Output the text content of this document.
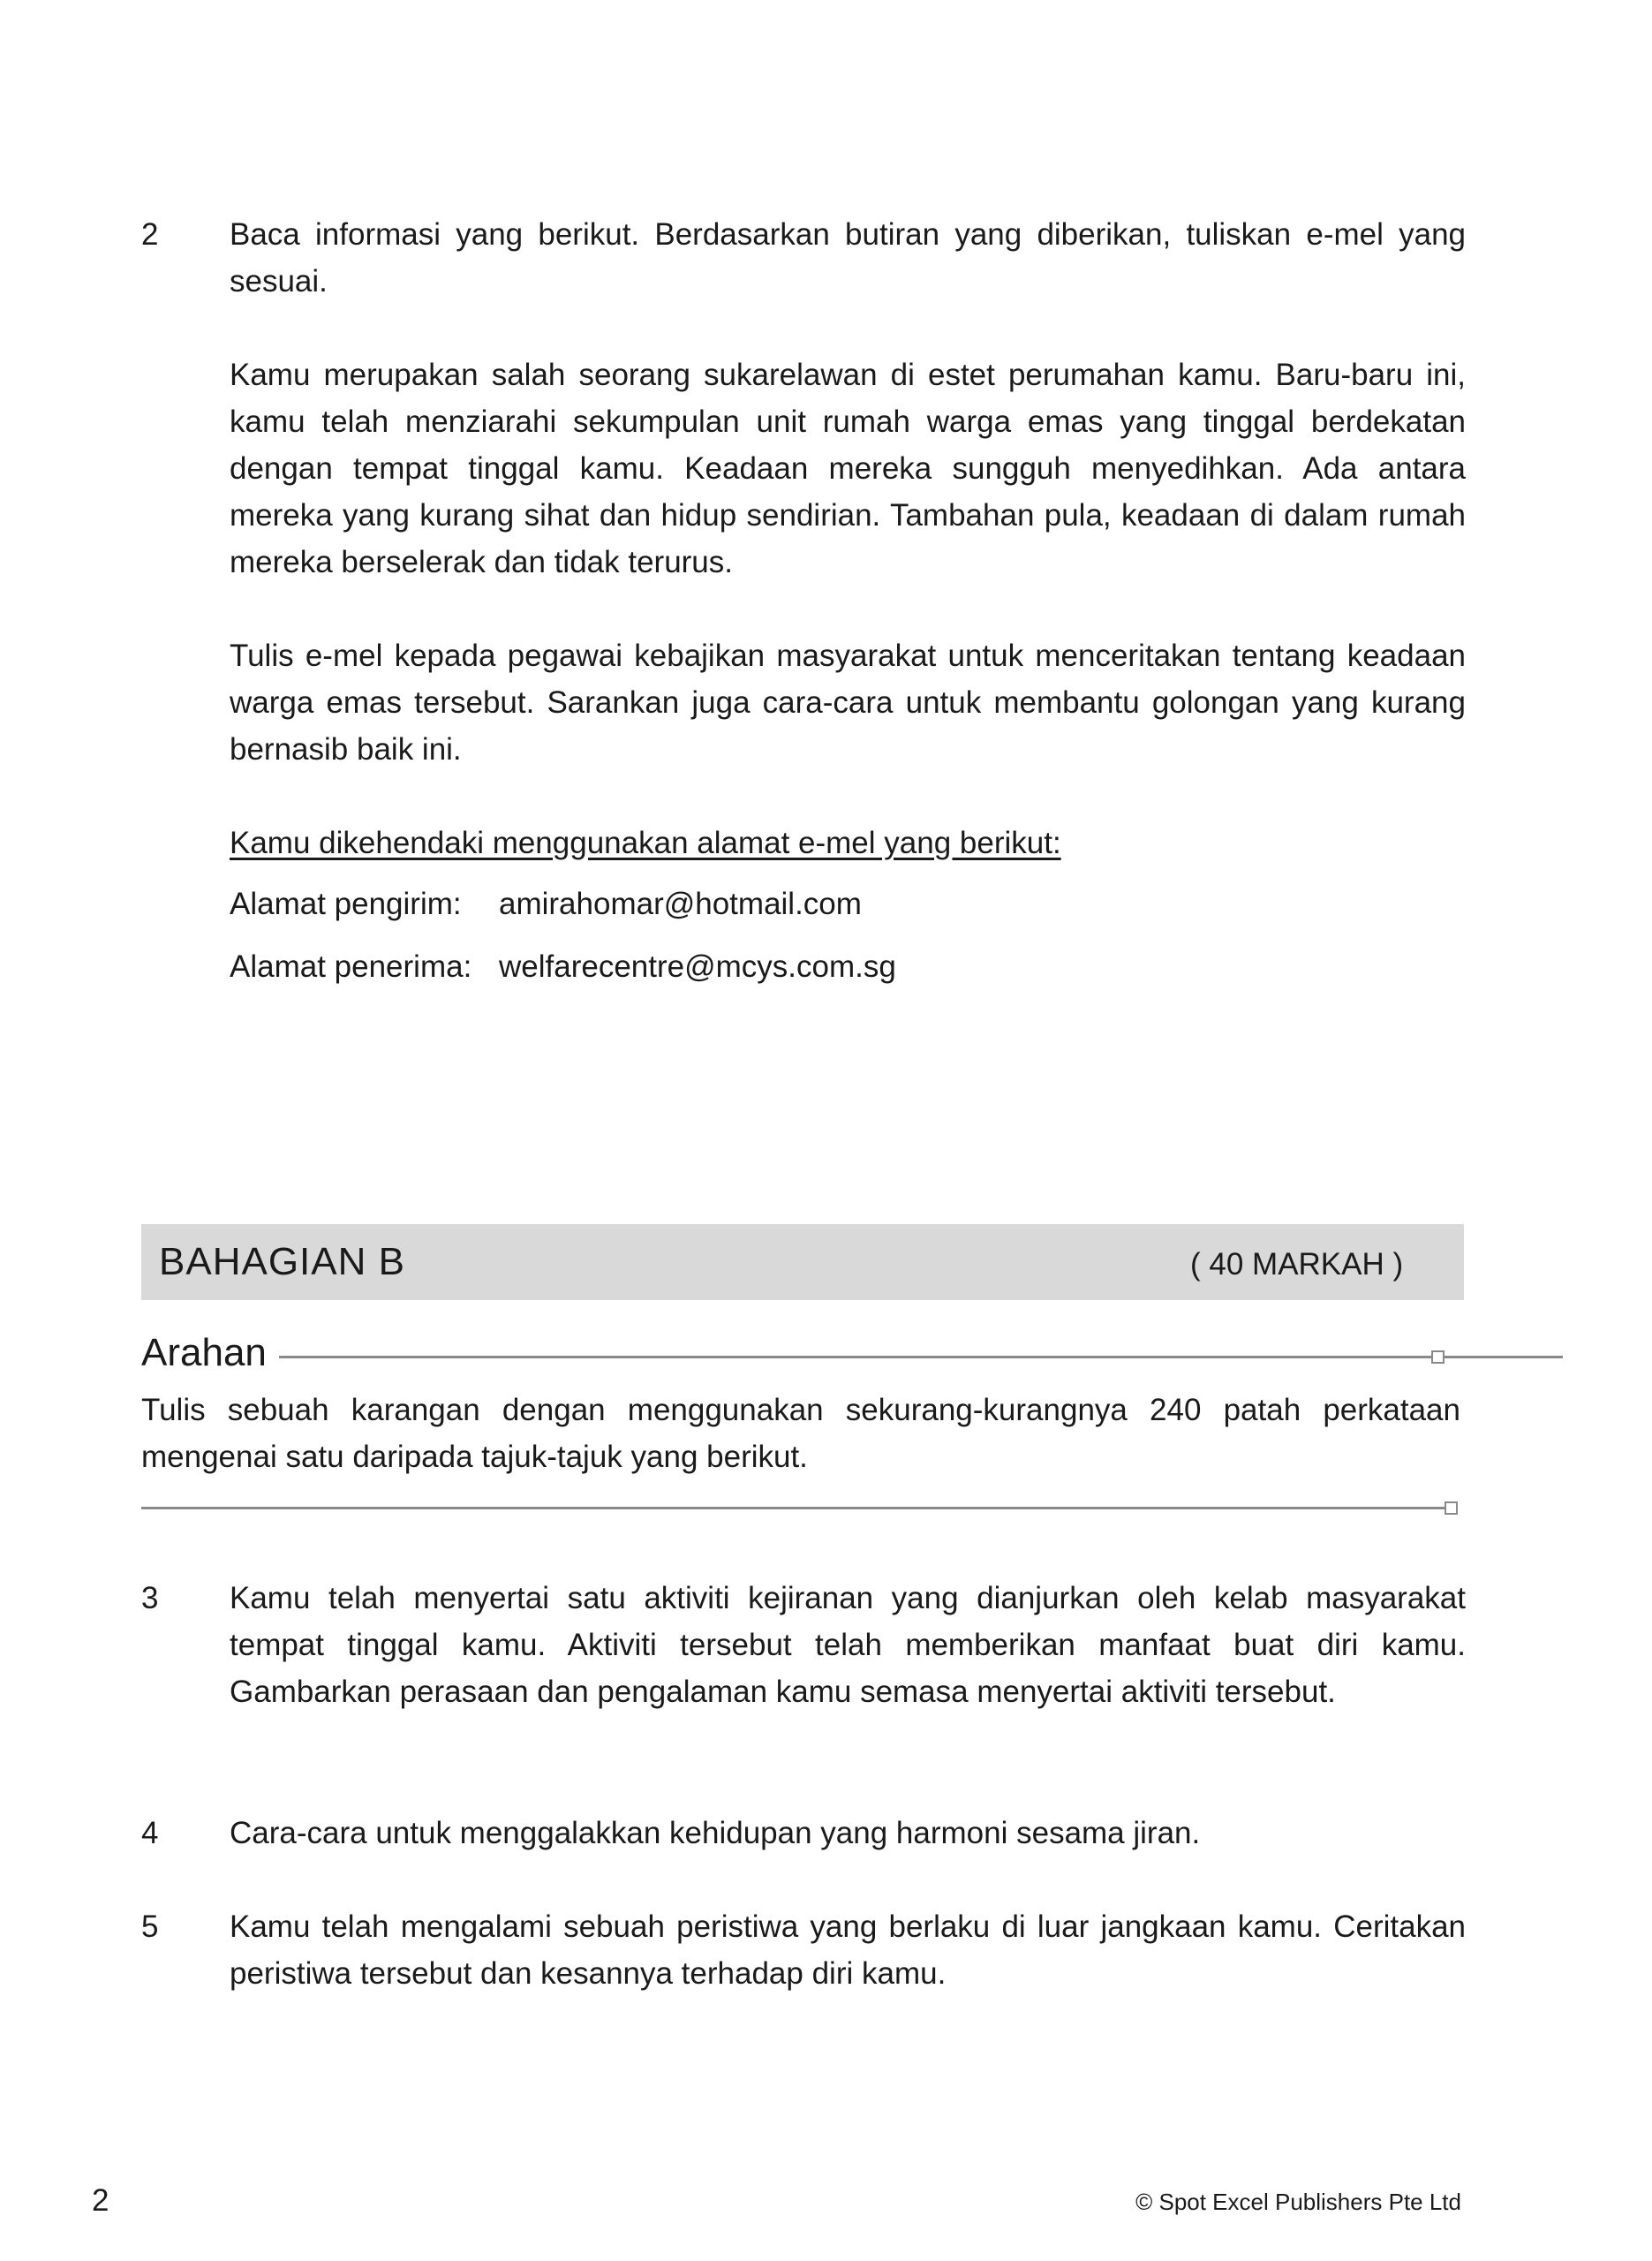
2	Baca informasi yang berikut. Berdasarkan butiran yang diberikan, tuliskan e-mel yang sesuai.

Kamu merupakan salah seorang sukarelawan di estet perumahan kamu. Baru-baru ini, kamu telah menziarahi sekumpulan unit rumah warga emas yang tinggal berdekatan dengan tempat tinggal kamu. Keadaan mereka sungguh menyedihkan. Ada antara mereka yang kurang sihat dan hidup sendirian. Tambahan pula, keadaan di dalam rumah mereka berselerak dan tidak terurus.

Tulis e-mel kepada pegawai kebajikan masyarakat untuk menceritakan tentang keadaan warga emas tersebut. Sarankan juga cara-cara untuk membantu golongan yang kurang bernasib baik ini.

Kamu dikehendaki menggunakan alamat e-mel yang berikut:
Alamat pengirim:	amirahomar@hotmail.com
Alamat penerima: welfarecentre@mcys.com.sg
BAHAGIAN B	( 40 MARKAH )
Arahan

Tulis sebuah karangan dengan menggunakan sekurang-kurangnya 240 patah perkataan mengenai satu daripada tajuk-tajuk yang berikut.

3	Kamu telah menyertai satu aktiviti kejiranan yang dianjurkan oleh kelab masyarakat tempat tinggal kamu. Aktiviti tersebut telah memberikan manfaat buat diri kamu. Gambarkan perasaan dan pengalaman kamu semasa menyertai aktiviti tersebut.

4	Cara-cara untuk menggalakkan kehidupan yang harmoni sesama jiran.

5	Kamu telah mengalami sebuah peristiwa yang berlaku di luar jangkaan kamu. Ceritakan peristiwa tersebut dan kesannya terhadap diri kamu.

2	© Spot Excel Publishers Pte Ltd
